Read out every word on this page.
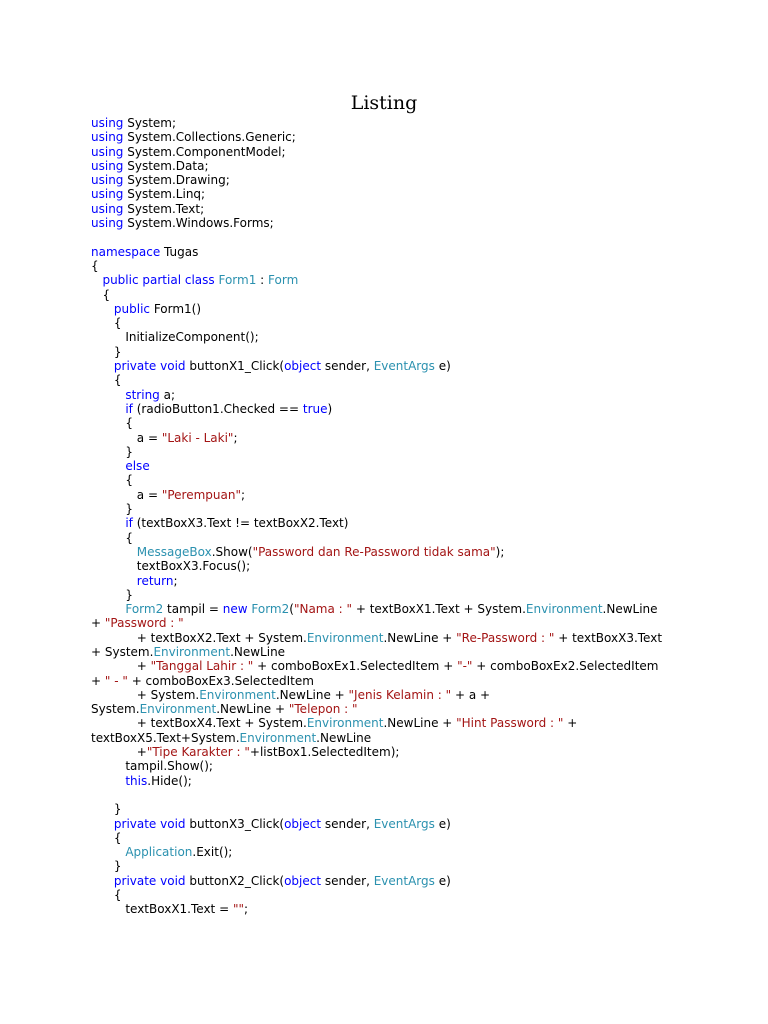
Listing
using System;
using System.Collections.Generic;
using System.ComponentModel;
using System.Data;
using System.Drawing;
using System.Linq;
using System.Text;
using System.Windows.Forms;
namespace Tugas
{
public partial class Form1 : Form
{
public Form1()
{
InitializeComponent();
}
private void buttonX1_Click(object sender, EventArgs e)
{
string a;
if (radioButton1.Checked == true)
{
a = "Laki - Laki";
}
else
{
a = "Perempuan";
}
if (textBoxX3.Text != textBoxX2.Text)
{
MessageBox.Show("Password dan Re-Password tidak sama");
textBoxX3.Focus();
return;
}
Form2 tampil = new Form2("Nama : " + textBoxX1.Text + System.Environment.NewLine
+ "Password : "
+ textBoxX2.Text + System.Environment.NewLine + "Re-Password : " + textBoxX3.Text
+ System.Environment.NewLine
+ "Tanggal Lahir : " + comboBoxEx1.SelectedItem + "-" + comboBoxEx2.SelectedItem
+ " - " + comboBoxEx3.SelectedItem
+ System.Environment.NewLine + "Jenis Kelamin : " + a +
System.Environment.NewLine + "Telepon : "
+ textBoxX4.Text + System.Environment.NewLine + "Hint Password : " +
textBoxX5.Text+System.Environment.NewLine
+"Tipe Karakter : "+listBox1.SelectedItem);
tampil.Show();
this.Hide();
}
private void buttonX3_Click(object sender, EventArgs e)
{
Application.Exit();
}
private void buttonX2_Click(object sender, EventArgs e)
{
textBoxX1.Text = "";
